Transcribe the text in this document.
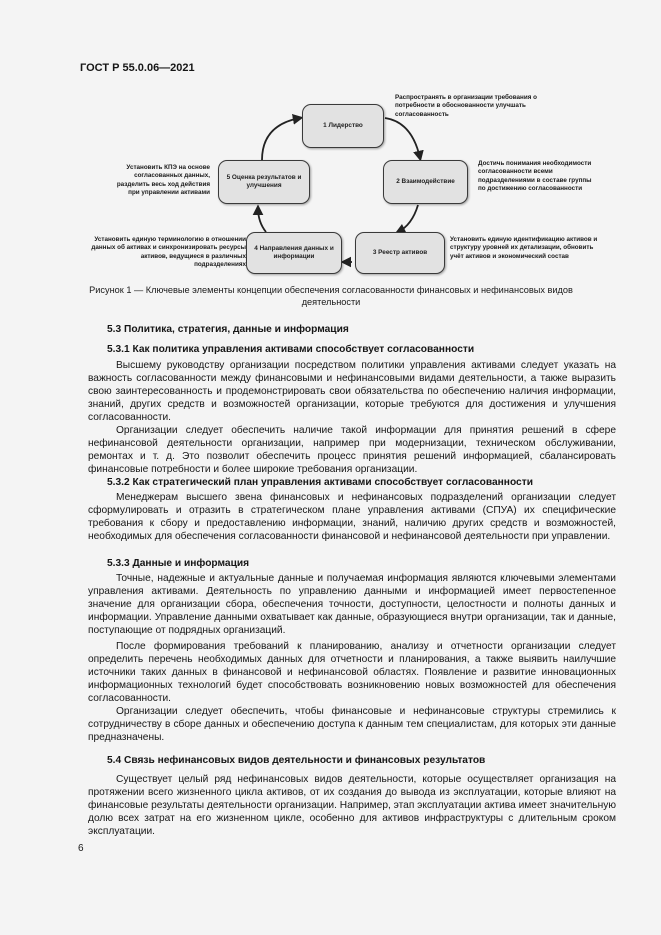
ГОСТ Р 55.0.06—2021
1 Лидерство
2 Взаимодействие
3 Реестр активов
4 Направления данных и информации
5 Оценка результатов и улучшения
Распространять в организации требования о потребности в обоснованности улучшать согласованность
Достичь понимания необходимости согласованности всеми подразделениями в составе группы по достижению согласованности
Установить единую идентификацию активов и структуру уровней их детализации, обновить учёт активов и экономический состав
Установить единую терминологию в отношении данных об активах и синхронизировать ресурсы активов, ведущиеся в различных подразделениях
Установить КПЭ на основе согласованных данных, разделить весь ход действия при управлении активами
Рисунок 1 — Ключевые элементы концепции обеспечения согласованности финансовых и нефинансовых видов деятельности
5.3 Политика, стратегия, данные и информация
5.3.1 Как политика управления активами способствует согласованности

Высшему руководству организации посредством политики управления активами следует указать на важность согласованности между финансовыми и нефинансовыми видами деятельности, а также выразить свою заинтересованность и продемонстрировать свои обязательства по обеспечению наличия информации, знаний, других средств и возможностей организации, которые требуются для достижения и улучшения согласованности.

Организации следует обеспечить наличие такой информации для принятия решений в сфере нефинансовой деятельности организации, например при модернизации, техническом обслуживании, ремонтах и т. д. Это позволит обеспечить процесс принятия решений информацией, сбалансировать финансовые потребности и более широкие требования организации.

5.3.2 Как стратегический план управления активами способствует согласованности

Менеджерам высшего звена финансовых и нефинансовых подразделений организации следует сформулировать и отразить в стратегическом плане управления активами (СПУА) их специфические требования к сбору и предоставлению информации, знаний, наличию других средств и возможностей, необходимых для обеспечения согласованности финансовой и нефинансовой деятельности при управлении.

5.3.3 Данные и информация

Точные, надежные и актуальные данные и получаемая информация являются ключевыми элементами управления активами. Деятельность по управлению данными и информацией имеет первостепенное значение для организации сбора, обеспечения точности, доступности, целостности и полноты данных и информации. Управление данными охватывает как данные, образующиеся внутри организации, так и данные, поступающие от подрядных организаций.

После формирования требований к планированию, анализу и отчетности организации следует определить перечень необходимых данных для отчетности и планирования, а также выявить наилучшие источники таких данных в финансовой и нефинансовой областях. Появление и развитие инновационных информационных технологий будет способствовать возникновению новых возможностей для обеспечения согласованности.

Организации следует обеспечить, чтобы финансовые и нефинансовые структуры стремились к сотрудничеству в сборе данных и обеспечению доступа к данным тем специалистам, для которых эти данные предназначены.

5.4 Связь нефинансовых видов деятельности и финансовых результатов

Существует целый ряд нефинансовых видов деятельности, которые осуществляет организация на протяжении всего жизненного цикла активов, от их создания до вывода из эксплуатации, которые влияют на финансовые результаты деятельности организации. Например, этап эксплуатации актива имеет значительную долю всех затрат на его жизненном цикле, особенно для активов инфраструктуры с длительным сроком эксплуатации.

6
